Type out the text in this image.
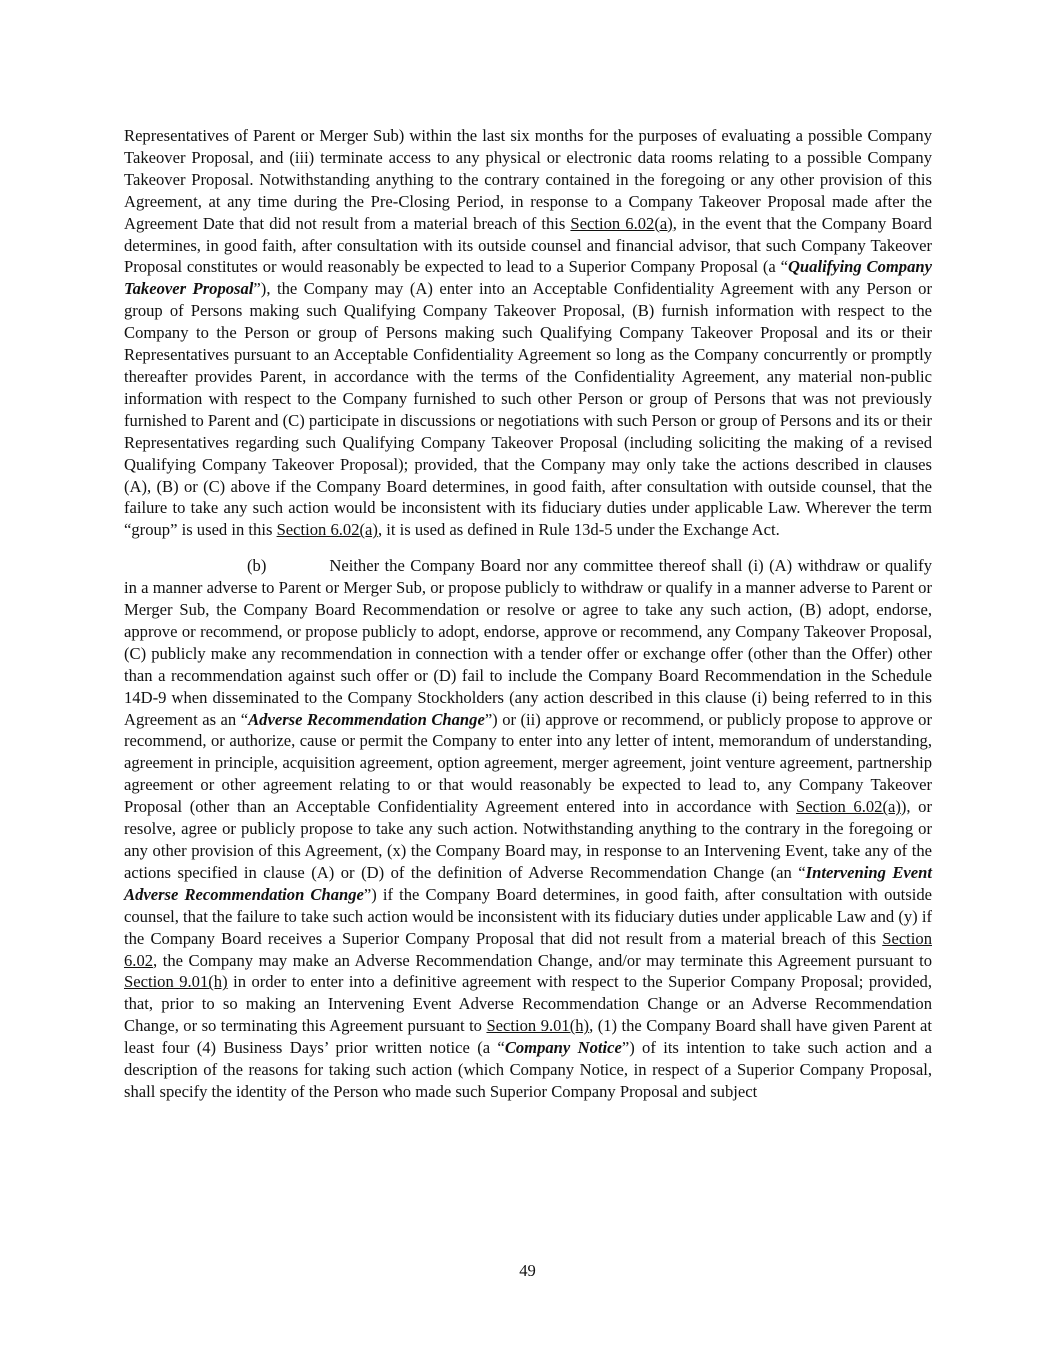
Representatives of Parent or Merger Sub) within the last six months for the purposes of evaluating a possible Company Takeover Proposal, and (iii) terminate access to any physical or electronic data rooms relating to a possible Company Takeover Proposal. Notwithstanding anything to the contrary contained in the foregoing or any other provision of this Agreement, at any time during the Pre-Closing Period, in response to a Company Takeover Proposal made after the Agreement Date that did not result from a material breach of this Section 6.02(a), in the event that the Company Board determines, in good faith, after consultation with its outside counsel and financial advisor, that such Company Takeover Proposal constitutes or would reasonably be expected to lead to a Superior Company Proposal (a “Qualifying Company Takeover Proposal”), the Company may (A) enter into an Acceptable Confidentiality Agreement with any Person or group of Persons making such Qualifying Company Takeover Proposal, (B) furnish information with respect to the Company to the Person or group of Persons making such Qualifying Company Takeover Proposal and its or their Representatives pursuant to an Acceptable Confidentiality Agreement so long as the Company concurrently or promptly thereafter provides Parent, in accordance with the terms of the Confidentiality Agreement, any material non-public information with respect to the Company furnished to such other Person or group of Persons that was not previously furnished to Parent and (C) participate in discussions or negotiations with such Person or group of Persons and its or their Representatives regarding such Qualifying Company Takeover Proposal (including soliciting the making of a revised Qualifying Company Takeover Proposal); provided, that the Company may only take the actions described in clauses (A), (B) or (C) above if the Company Board determines, in good faith, after consultation with outside counsel, that the failure to take any such action would be inconsistent with its fiduciary duties under applicable Law. Wherever the term “group” is used in this Section 6.02(a), it is used as defined in Rule 13d-5 under the Exchange Act.

(b)	Neither the Company Board nor any committee thereof shall (i) (A) withdraw or qualify in a manner adverse to Parent or Merger Sub, or propose publicly to withdraw or qualify in a manner adverse to Parent or Merger Sub, the Company Board Recommendation or resolve or agree to take any such action, (B) adopt, endorse, approve or recommend, or propose publicly to adopt, endorse, approve or recommend, any Company Takeover Proposal, (C) publicly make any recommendation in connection with a tender offer or exchange offer (other than the Offer) other than a recommendation against such offer or (D) fail to include the Company Board Recommendation in the Schedule 14D-9 when disseminated to the Company Stockholders (any action described in this clause (i) being referred to in this Agreement as an “Adverse Recommendation Change”) or (ii) approve or recommend, or publicly propose to approve or recommend, or authorize, cause or permit the Company to enter into any letter of intent, memorandum of understanding, agreement in principle, acquisition agreement, option agreement, merger agreement, joint venture agreement, partnership agreement or other agreement relating to or that would reasonably be expected to lead to, any Company Takeover Proposal (other than an Acceptable Confidentiality Agreement entered into in accordance with Section 6.02(a)), or resolve, agree or publicly propose to take any such action. Notwithstanding anything to the contrary in the foregoing or any other provision of this Agreement, (x) the Company Board may, in response to an Intervening Event, take any of the actions specified in clause (A) or (D) of the definition of Adverse Recommendation Change (an “Intervening Event Adverse Recommendation Change”) if the Company Board determines, in good faith, after consultation with outside counsel, that the failure to take such action would be inconsistent with its fiduciary duties under applicable Law and (y) if the Company Board receives a Superior Company Proposal that did not result from a material breach of this Section 6.02, the Company may make an Adverse Recommendation Change, and/or may terminate this Agreement pursuant to Section 9.01(h) in order to enter into a definitive agreement with respect to the Superior Company Proposal; provided, that, prior to so making an Intervening Event Adverse Recommendation Change or an Adverse Recommendation Change, or so terminating this Agreement pursuant to Section 9.01(h), (1) the Company Board shall have given Parent at least four (4) Business Days’ prior written notice (a “Company Notice”) of its intention to take such action and a description of the reasons for taking such action (which Company Notice, in respect of a Superior Company Proposal, shall specify the identity of the Person who made such Superior Company Proposal and subject

49
